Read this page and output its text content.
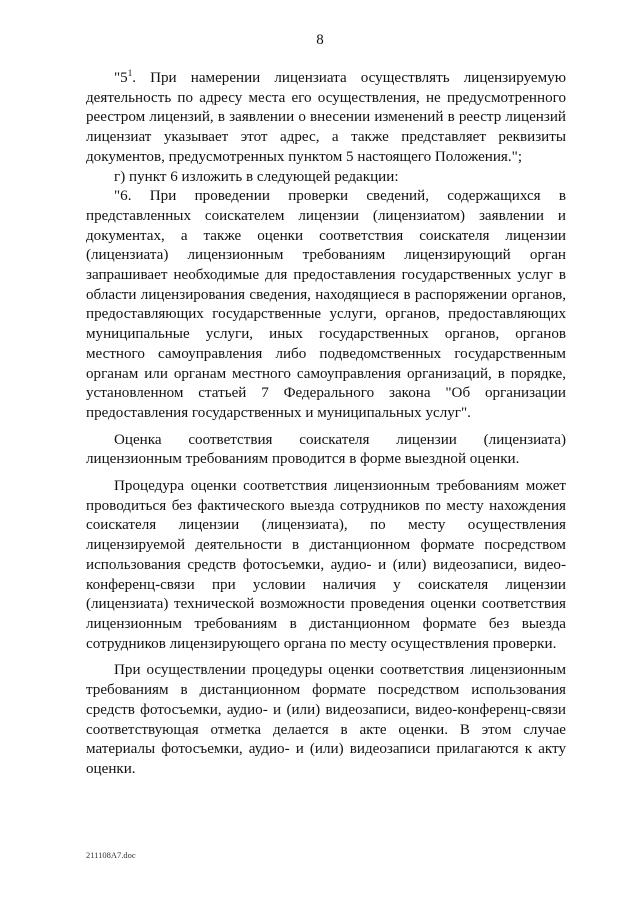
8

"$5^1$. При намерении лицензиата осуществлять лицензируемую деятельность по адресу места его осуществления, не предусмотренного реестром лицензий, в заявлении о внесении изменений в реестр лицензий лицензиат указывает этот адрес, а также представляет реквизиты документов, предусмотренных пунктом 5 настоящего Положения.";

г) пункт 6 изложить в следующей редакции:

"6. При проведении проверки сведений, содержащихся в представленных соискателем лицензии (лицензиатом) заявлении и документах, а также оценки соответствия соискателя лицензии (лицензиата) лицензионным требованиям лицензирующий орган запрашивает необходимые для предоставления государственных услуг в области лицензирования сведения, находящиеся в распоряжении органов, предоставляющих государственные услуги, органов, предоставляющих муниципальные услуги, иных государственных органов, органов местного самоуправления либо подведомственных государственным органам или органам местного самоуправления организаций, в порядке, установленном статьей 7 Федерального закона "Об организации предоставления государственных и муниципальных услуг".

Оценка соответствия соискателя лицензии (лицензиата) лицензионным требованиям проводится в форме выездной оценки.

Процедура оценки соответствия лицензионным требованиям может проводиться без фактического выезда сотрудников по месту нахождения соискателя лицензии (лицензиата), по месту осуществления лицензируемой деятельности в дистанционном формате посредством использования средств фотосъемки, аудио- и (или) видеозаписи, видео-конференц-связи при условии наличия у соискателя лицензии (лицензиата) технической возможности проведения оценки соответствия лицензионным требованиям в дистанционном формате без выезда сотрудников лицензирующего органа по месту осуществления проверки.

При осуществлении процедуры оценки соответствия лицензионным требованиям в дистанционном формате посредством использования средств фотосъемки, аудио- и (или) видеозаписи, видео-конференц-связи соответствующая отметка делается в акте оценки. В этом случае материалы фотосъемки, аудио- и (или) видеозаписи прилагаются к акту оценки.

211108A7.doc
